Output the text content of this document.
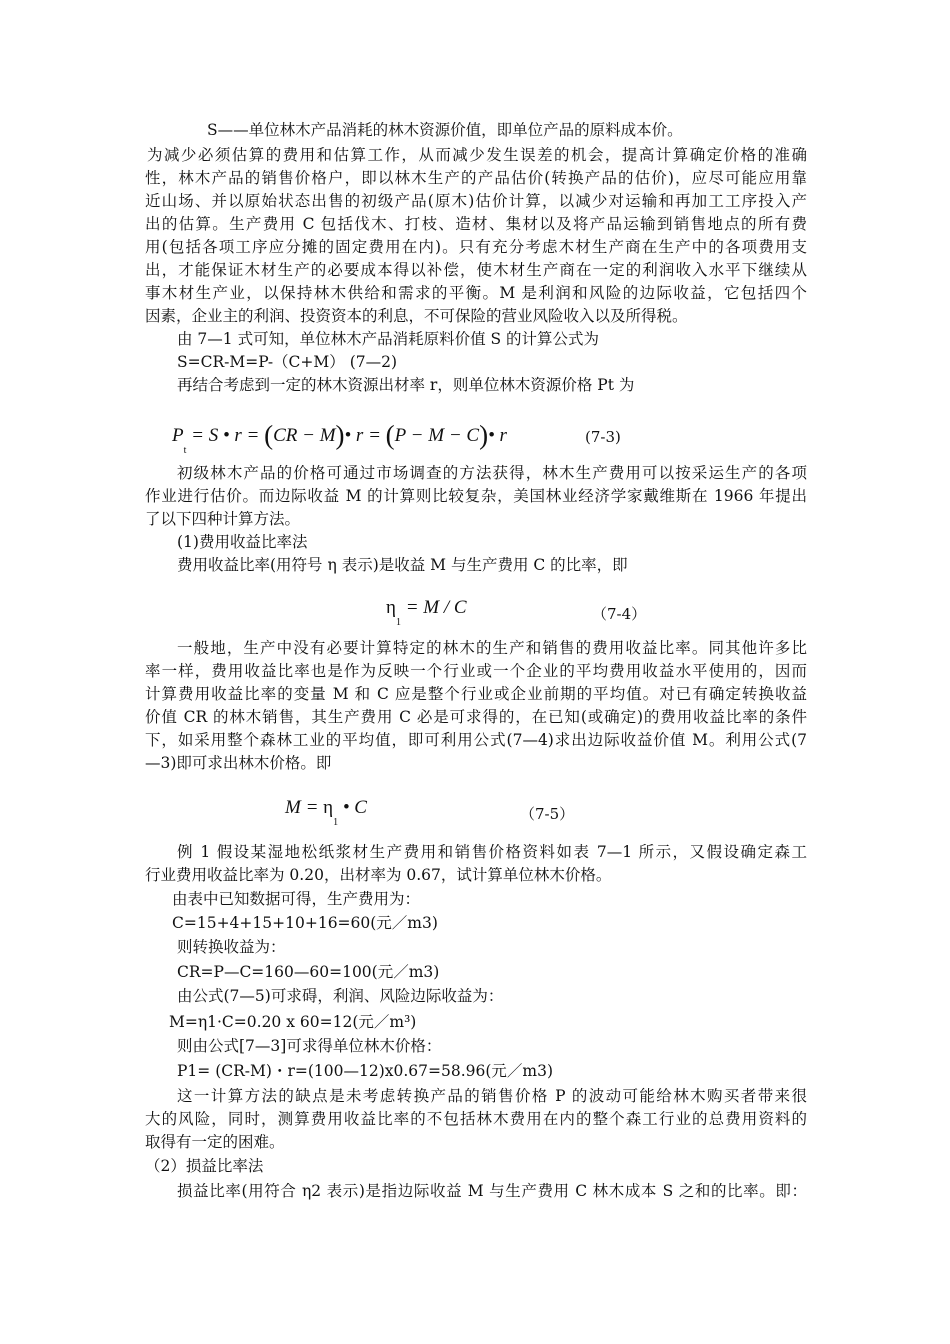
S——单位林木产品消耗的林木资源价值，即单位产品的原料成本价。
为减少必须估算的费用和估算工作，从而减少发生误差的机会，提高计算确定价格的准确
性，林木产品的销售价格户，即以林木生产的产品估价(转换产品的估价)，应尽可能应用靠
近山场、并以原始状态出售的初级产品(原木)估价计算，以减少对运输和再加工工序投入产
出的估算。生产费用 C 包括伐木、打枝、造材、集材以及将产品运输到销售地点的所有费
用(包括各项工序应分摊的固定费用在内)。只有充分考虑木材生产商在生产中的各项费用支
出，才能保证木材生产的必要成本得以补偿，使木材生产商在一定的利润收入水平下继续从
事木材生产业，以保持林木供给和需求的平衡。M 是利润和风险的边际收益，它包括四个
因素，企业主的利润、投资资本的利息，不可保险的营业风险收入以及所得税。
由 7—1 式可知，单位林木产品消耗原料价值 S 的计算公式为
S=CR-M=P-（C+M） (7—2)
再结合考虑到一定的林木资源出材率 r，则单位林木资源价格 Pt 为
$P_t = S$ • r = (CR − M)• r = (P − M − C)• r	(7-3)
初级林木产品的价格可通过市场调查的方法获得，林木生产费用可以按采运生产的各项
作业进行估价。而边际收益 M 的计算则比较复杂，美国林业经济学家戴维斯在 1966 年提出
了以下四种计算方法。
(1)费用收益比率法
费用收益比率(用符号 η 表示)是收益 M 与生产费用 C 的比率，即
$\eta_1 = M / C$	（7-4）
一般地，生产中没有必要计算特定的林木的生产和销售的费用收益比率。同其他许多比
率一样，费用收益比率也是作为反映一个行业或一个企业的平均费用收益水平使用的，因而
计算费用收益比率的变量 M 和 C 应是整个行业或企业前期的平均值。对已有确定转换收益
价值 CR 的林木销售，其生产费用 C 必是可求得的，在已知(或确定)的费用收益比率的条件
下，如采用整个森林工业的平均值，即可利用公式(7—4)求出边际收益价值 M。利用公式(7
—3)即可求出林木价格。即
$M = \eta_1$ • C	（7-5）
例 1 假设某湿地松纸浆材生产费用和销售价格资料如表 7—1 所示，又假设确定森工
行业费用收益比率为 0.20，出材率为 0.67，试计算单位林木价格。
由表中已知数据可得，生产费用为：
C=15+4+15+10+16=60(元／m3)
则转换收益为：
CR=P—C=160—60=100(元／m3)
由公式(7—5)可求碍，利润、风险边际收益为：
M=η1·C=0.20 x 60=12(元／m³)
则由公式[7—3]可求得单位林木价格：
P1= (CR-M)・r=(100—12)x0.67=58.96(元／m3)
这一计算方法的缺点是未考虑转换产品的销售价格 P 的波动可能给林木购买者带来很
大的风险，同时，测算费用收益比率的不包括林木费用在内的整个森工行业的总费用资料的
取得有一定的困难。
（2）损益比率法
损益比率(用符合 η2 表示)是指边际收益 M 与生产费用 C 林木成本 S 之和的比率。即：
